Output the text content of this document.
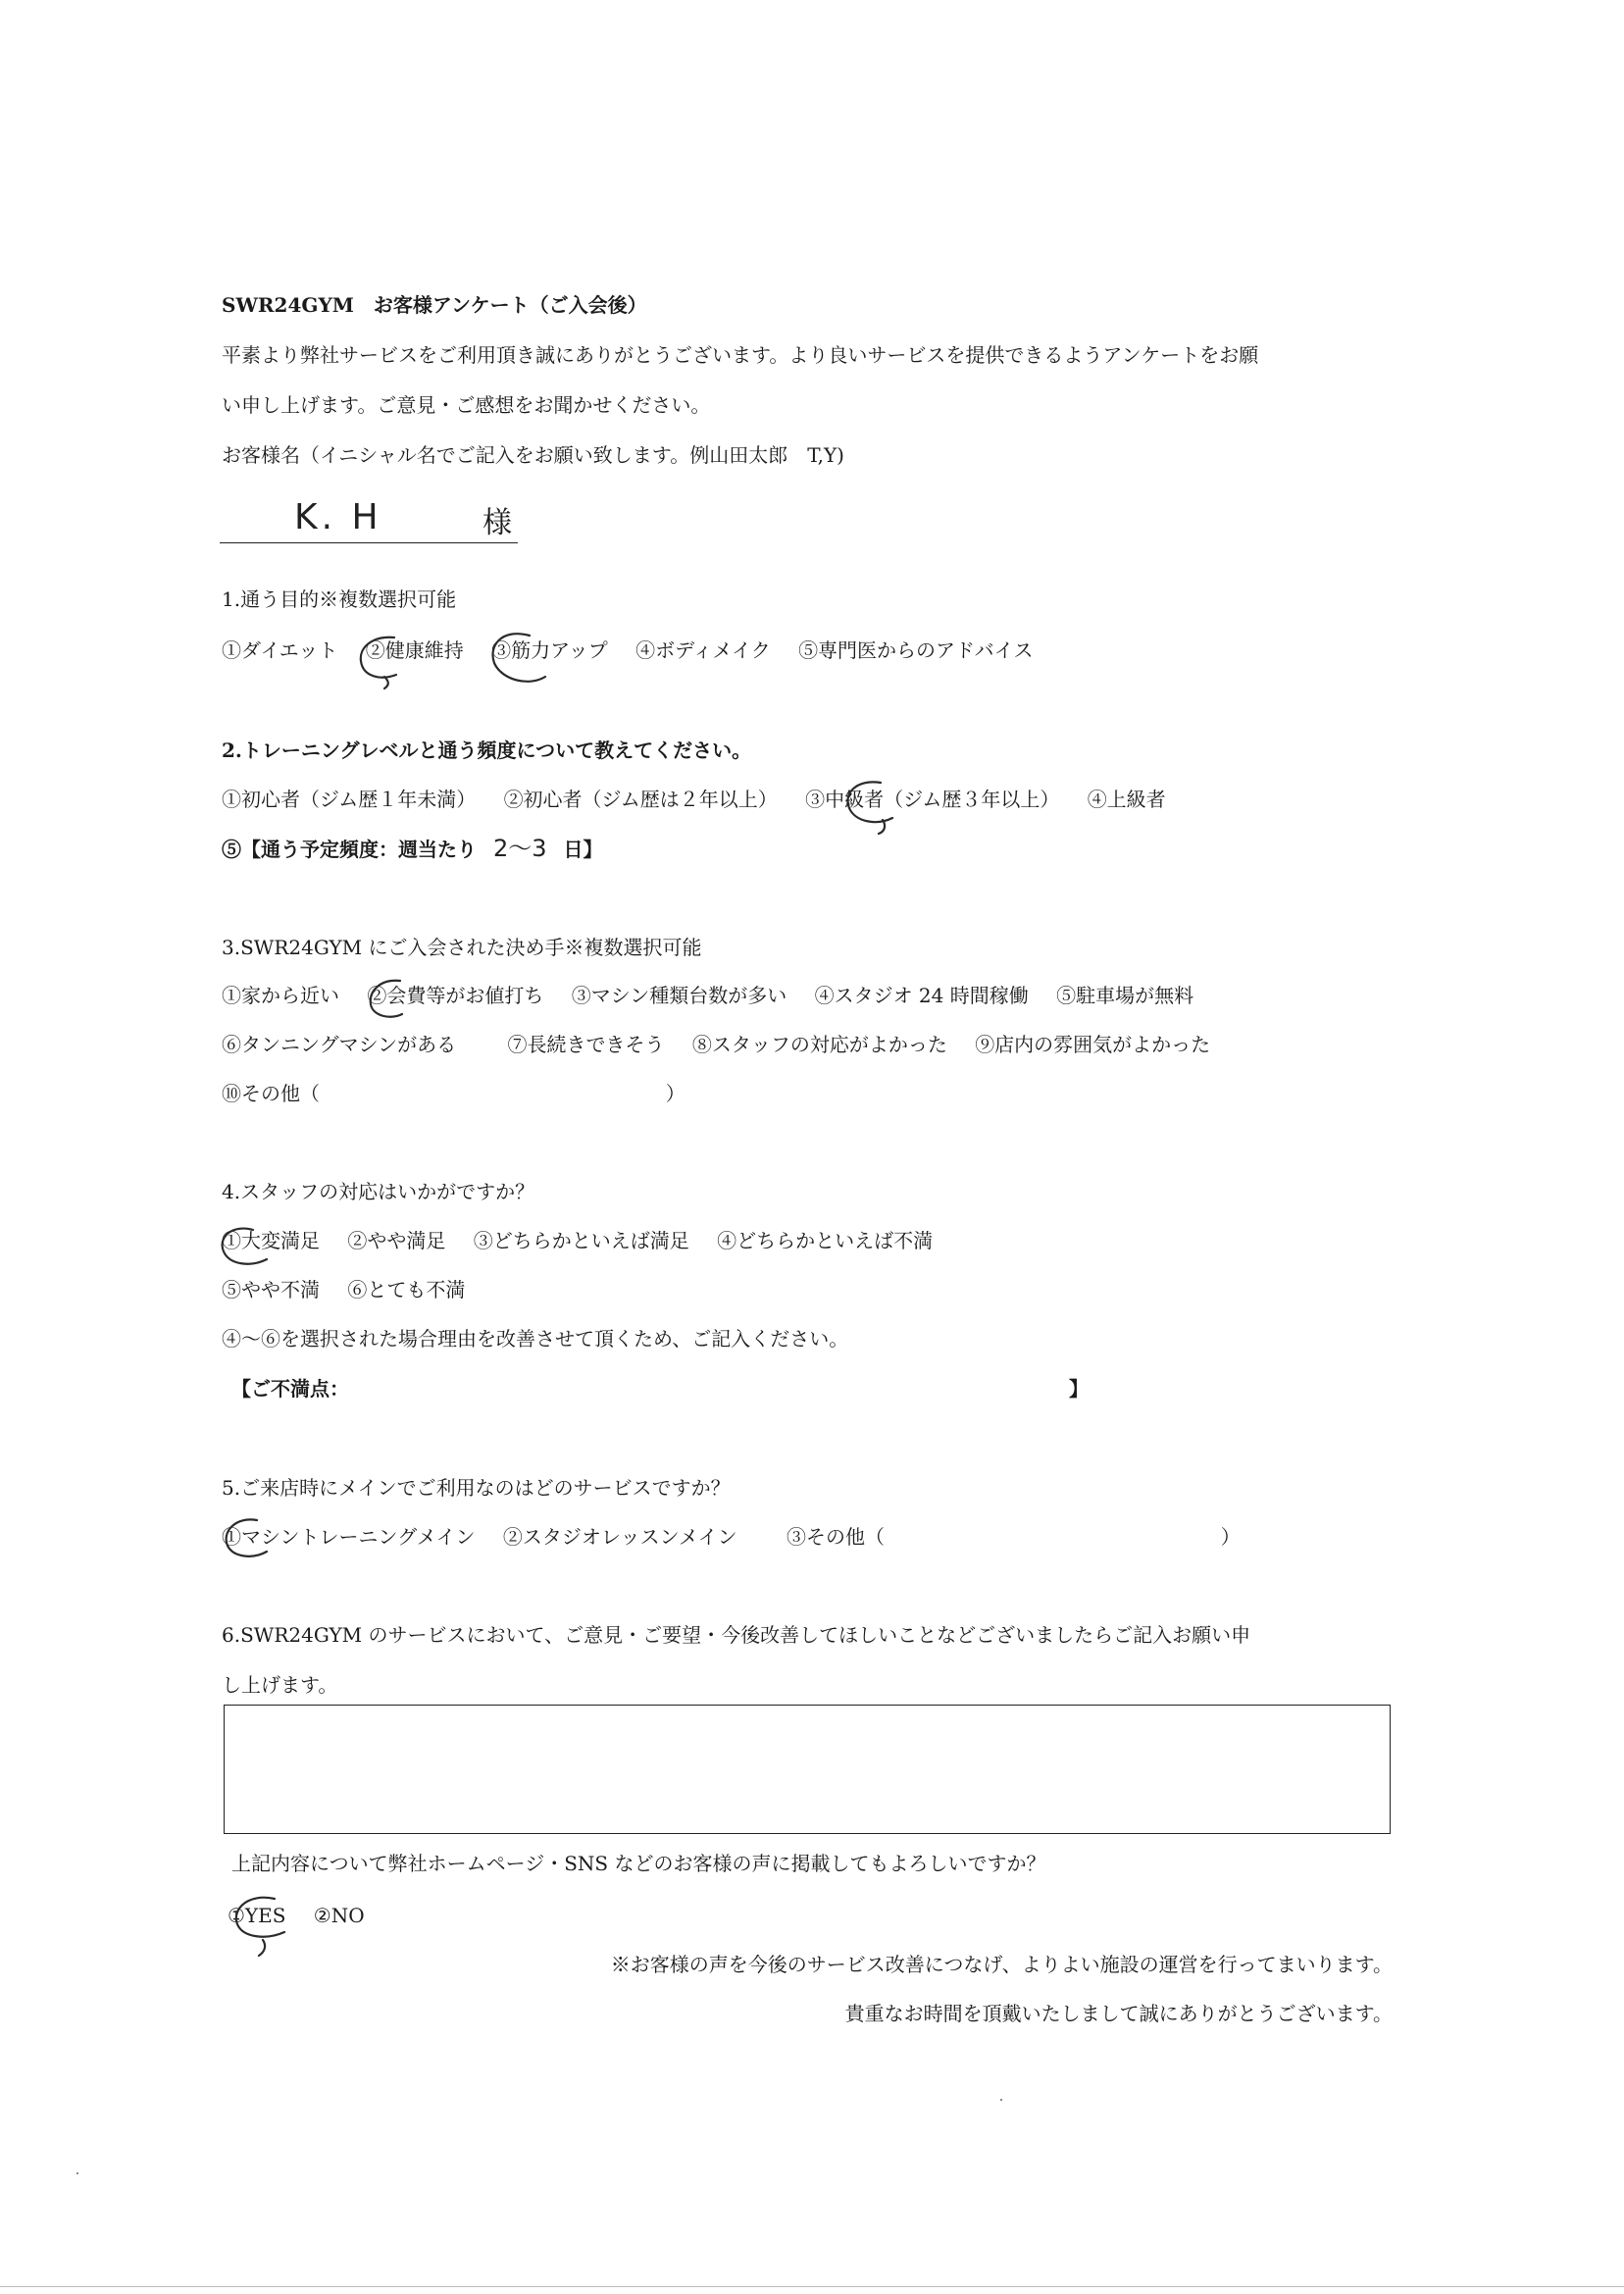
SWR24GYM　お客様アンケート（ご入会後）
平素より弊社サービスをご利用頂き誠にありがとうございます。より良いサービスを提供できるようアンケートをお願
い申し上げます。ご意見・ご感想をお聞かせください。
お客様名（イニシャル名でご記入をお願い致します。例山田太郎　T,Y)
K. H	様
1.通う目的※複数選択可能
①ダイエット ②健康維持 ③筋力アップ ④ボディメイク ⑤専門医からのアドバイス
2.トレーニングレベルと通う頻度について教えてください。
①初心者（ジム歴１年未満） ②初心者（ジム歴は２年以上） ③中級者（ジム歴３年以上） ④上級者
⑤【通う予定頻度：週当たり 2〜3 日】
3.SWR24GYM にご入会された決め手※複数選択可能
①家から近い ②会費等がお値打ち ③マシン種類台数が多い ④スタジオ 24 時間稼働 ⑤駐車場が無料
⑥タンニングマシンがある	⑦長続きできそう ⑧スタッフの対応がよかった ⑨店内の雰囲気がよかった
⑩その他（	）
4.スタッフの対応はいかがですか？
①大変満足 ②やや満足 ③どちらかといえば満足 ④どちらかといえば不満
⑤やや不満 ⑥とても不満
④〜⑥を選択された場合理由を改善させて頂くため、ご記入ください。
【ご不満点：	】
5.ご来店時にメインでご利用なのはどのサービスですか？
①マシントレーニングメイン ②スタジオレッスンメイン	③その他（	）
6.SWR24GYM のサービスにおいて、ご意見・ご要望・今後改善してほしいことなどございましたらご記入お願い申
し上げます。
上記内容について弊社ホームページ・SNS などのお客様の声に掲載してもよろしいですか？
①YES ②NO
※お客様の声を今後のサービス改善につなげ、よりよい施設の運営を行ってまいります。
貴重なお時間を頂戴いたしまして誠にありがとうございます。
